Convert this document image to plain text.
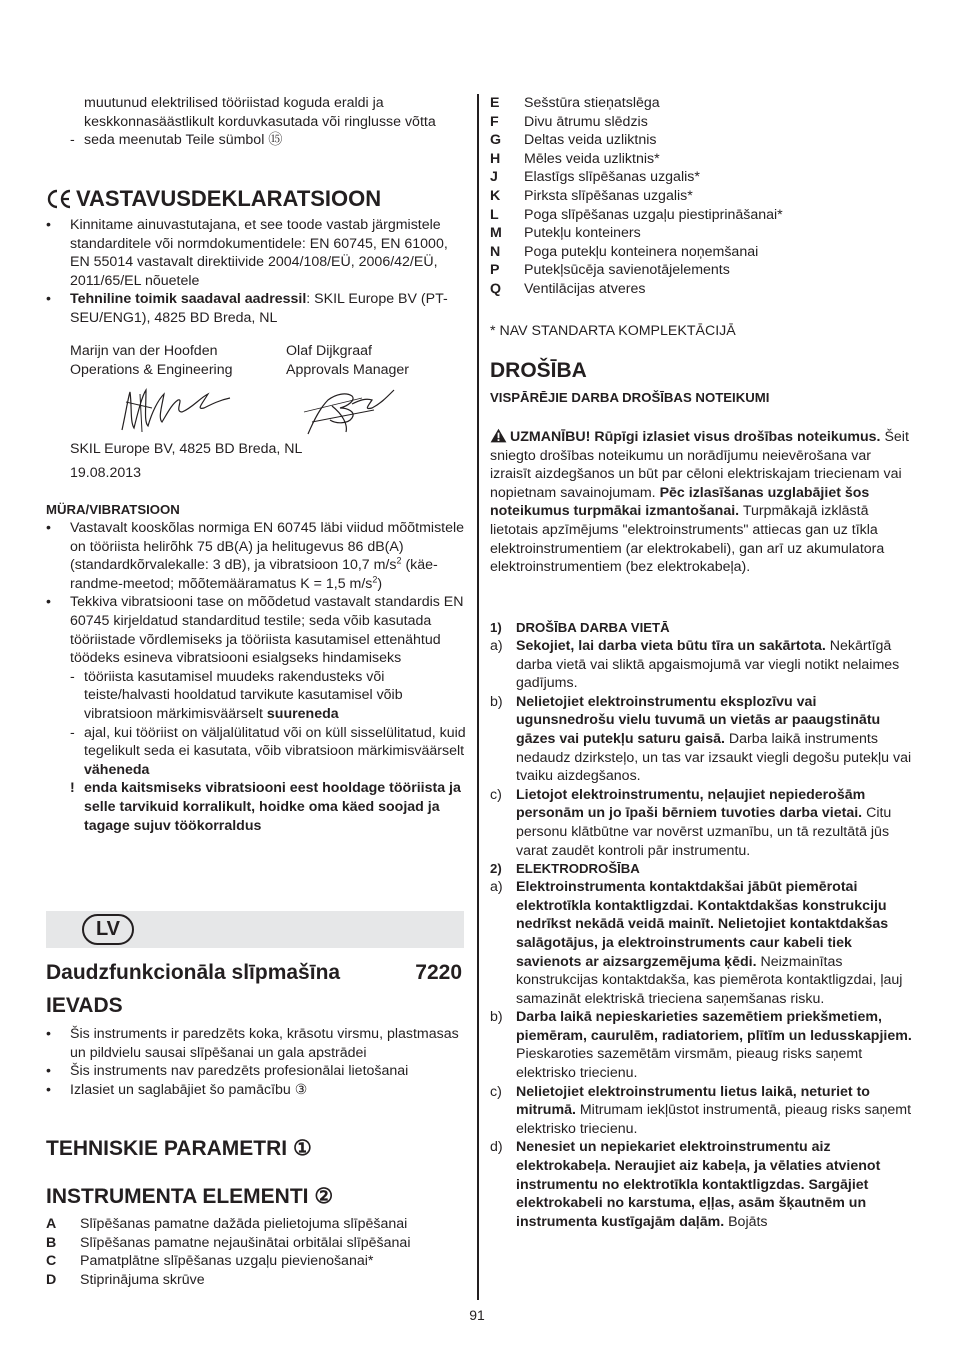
muutunud elektrilised tööriistad koguda eraldi ja keskkonnasäästlikult korduvkasutada või ringlusse võtta

- seda meenutab Teile sümbol ⑮
VASTAVUSDEKLARATSIOON
•	Kinnitame ainuvastutajana, et see toode vastab järgmistele standarditele või normdokumentidele: EN 60745, EN 61000, EN 55014 vastavalt direktiivide 2004/108/EÜ, 2006/42/EÜ, 2011/65/EL nõuetele
•	Tehniline toimik saadaval aadressil: SKIL Europe BV (PT-SEU/ENG1), 4825 BD Breda, NL
Marijn van der Hoofden	Olaf Dijkgraaf
Operations & Engineering	Approvals Manager

SKIL Europe BV, 4825 BD Breda, NL

19.08.2013

MÜRA/VIBRATSIOON
•	Vastavalt kooskõlas normiga EN 60745 läbi viidud mõõtmistele on tööriista helirõhk 75 dB(A) ja helitugevus 86 dB(A) (standardkõrvalekalle: 3 dB), ja vibratsioon 10,7 $m/s^2$ (käe-randme-meetod; mõõtemääramatus K = 1,5 $m/s^2$)
•	Tekkiva vibratsiooni tase on mõõdetud vastavalt standardis EN 60745 kirjeldatud standarditud testile; seda võib kasutada tööriistade võrdlemiseks ja tööriista kasutamisel ettenähtud töödeks esineva vibratsiooni esialgseks hindamiseks
- tööriista kasutamisel muudeks rakendusteks või teiste/halvasti hooldatud tarvikute kasutamisel võib vibratsioon märkimisväärselt suureneda
- ajal, kui tööriist on väljalülitatud või on küll sisselülitatud, kuid tegelikult seda ei kasutata, võib vibratsioon märkimisväärselt väheneda
! enda kaitsmiseks vibratsiooni eest hooldage tööriista ja selle tarvikuid korralikult, hoidke oma käed soojad ja tagage sujuv töökorraldus
LV
Daudzfunkcionāla slīpmašīna	7220
IEVADS
•	Šis instruments ir paredzēts koka, krāsotu virsmu, plastmasas un pildvielu sausai slīpēšanai un gala apstrādei
•	Šis instruments nav paredzēts profesionālai lietošanai
•	Izlasiet un saglabājiet šo pamācību ③
TEHNISKIE PARAMETRI ①
INSTRUMENTA ELEMENTI ②
A	Slīpēšanas pamatne dažāda pielietojuma slīpēšanai
B	Slīpēšanas pamatne nejaušinātai orbitālai slīpēšanai
C	Pamatplātne slīpēšanas uzgaļu pievienošanai*
D	Stiprinājuma skrūve
E	Sešstūra stieņatslēga
F	Divu ātrumu slēdzis
G	Deltas veida uzliktnis
H	Mēles veida uzliktnis*
J	Elastīgs slīpēšanas uzgalis*
K	Pirksta slīpēšanas uzgalis*
L	Poga slīpēšanas uzgaļu piestiprināšanai*
M	Putekļu konteiners
N	Poga putekļu konteinera noņemšanai
P	Putekļsūcēja savienotājelements
Q	Ventilācijas atveres
* NAV STANDARTA KOMPLEKTĀCIJĀ
DROŠĪBA
VISPĀRĒJIE DARBA DROŠĪBAS NOTEIKUMI

UZMANĪBU! Rūpīgi izlasiet visus drošības noteikumus. Šeit sniegto drošības noteikumu un norādījumu neievērošana var izraisīt aizdegšanos un būt par cēloni elektriskajam triecienam vai nopietnam savainojumam. Pēc izlasīšanas uzglabājiet šos noteikumus turpmākai izmantošanai. Turpmākajā izklāstā lietotais apzīmējums "elektroinstruments" attiecas gan uz tīkla elektroinstrumentiem (ar elektrokabeli), gan arī uz akumulatora elektroinstrumentiem (bez elektrokabeļa).

1)	DROŠĪBA DARBA VIETĀ
a) Sekojiet, lai darba vieta būtu tīra un sakārtota. Nekārtīgā darba vietā vai sliktā apgaismojumā var viegli notikt nelaimes gadījums.
b) Nelietojiet elektroinstrumentu eksplozīvu vai ugunsnedrošu vielu tuvumā un vietās ar paaugstinātu gāzes vai putekļu saturu gaisā. Darba laikā instruments nedaudz dzirksteļo, un tas var izsaukt viegli degošu putekļu vai tvaiku aizdegšanos.
c) Lietojot elektroinstrumentu, neļaujiet nepiederošām personām un jo īpaši bērniem tuvoties darba vietai. Citu personu klātbūtne var novērst uzmanību, un tā rezultātā jūs varat zaudēt kontroli pār instrumentu.
2)	ELEKTRODROŠĪBA
a) Elektroinstrumenta kontaktdakšai jābūt piemērotai elektrotīkla kontaktligzdai. Kontaktdakšas konstrukciju nedrīkst nekādā veidā mainīt. Nelietojiet kontaktdakšas salāgotājus, ja elektroinstruments caur kabeli tiek savienots ar aizsargzemējuma ķēdi. Neizmainītas konstrukcijas kontaktdakša, kas piemērota kontaktligzdai, ļauj samazināt elektriskā trieciena saņemšanas risku.
b) Darba laikā nepieskarieties sazemētiem priekšmetiem, piemēram, caurulēm, radiatoriem, plītīm un ledusskapjiem. Pieskaroties sazemētām virsmām, pieaug risks saņemt elektrisko triecienu.
c) Nelietojiet elektroinstrumentu lietus laikā, neturiet to mitrumā. Mitrumam iekļūstot instrumentā, pieaug risks saņemt elektrisko triecienu.
d) Nenesiet un nepiekariet elektroinstrumentu aiz elektrokabeļa. Neraujiet aiz kabeļa, ja vēlaties atvienot instrumentu no elektrotīkla kontaktligzdas. Sargājiet elektrokabeli no karstuma, eļļas, asām šķautnēm un instrumenta kustīgajām daļām. Bojāts
91
